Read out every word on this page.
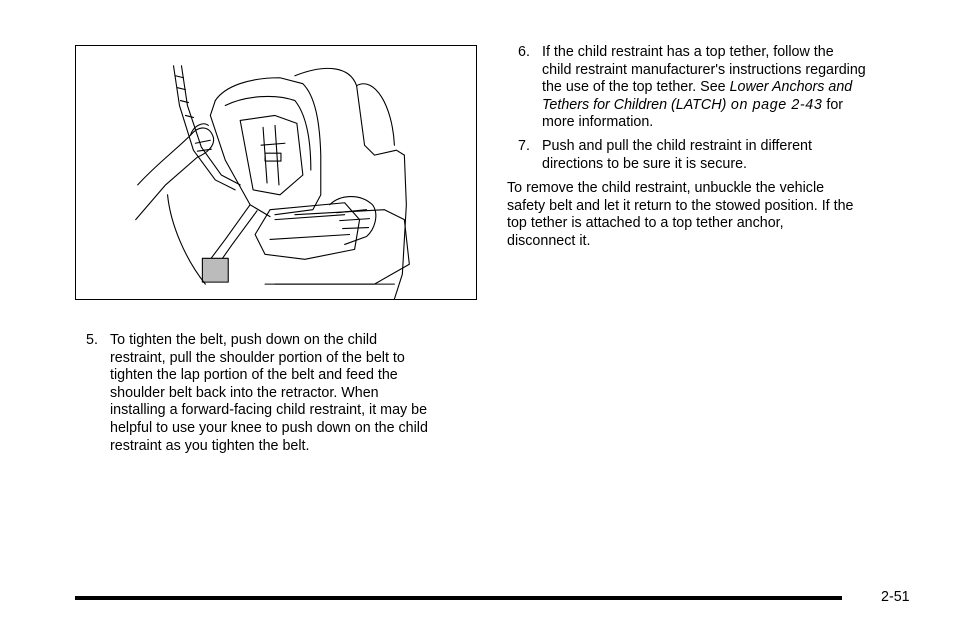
5. To tighten the belt, push down on the child
restraint, pull the shoulder portion of the belt to
tighten the lap portion of the belt and feed the
shoulder belt back into the retractor. When
installing a forward-facing child restraint, it may be
helpful to use your knee to push down on the child
restraint as you tighten the belt.
6. If the child restraint has a top tether, follow the
child restraint manufacturer's instructions regarding
the use of the top tether. See Lower Anchors and
Tethers for Children (LATCH) on page 2-43 for
more information.
7. Push and pull the child restraint in different
directions to be sure it is secure.
To remove the child restraint, unbuckle the vehicle
safety belt and let it return to the stowed position. If the
top tether is attached to a top tether anchor,
disconnect it.
2-51
